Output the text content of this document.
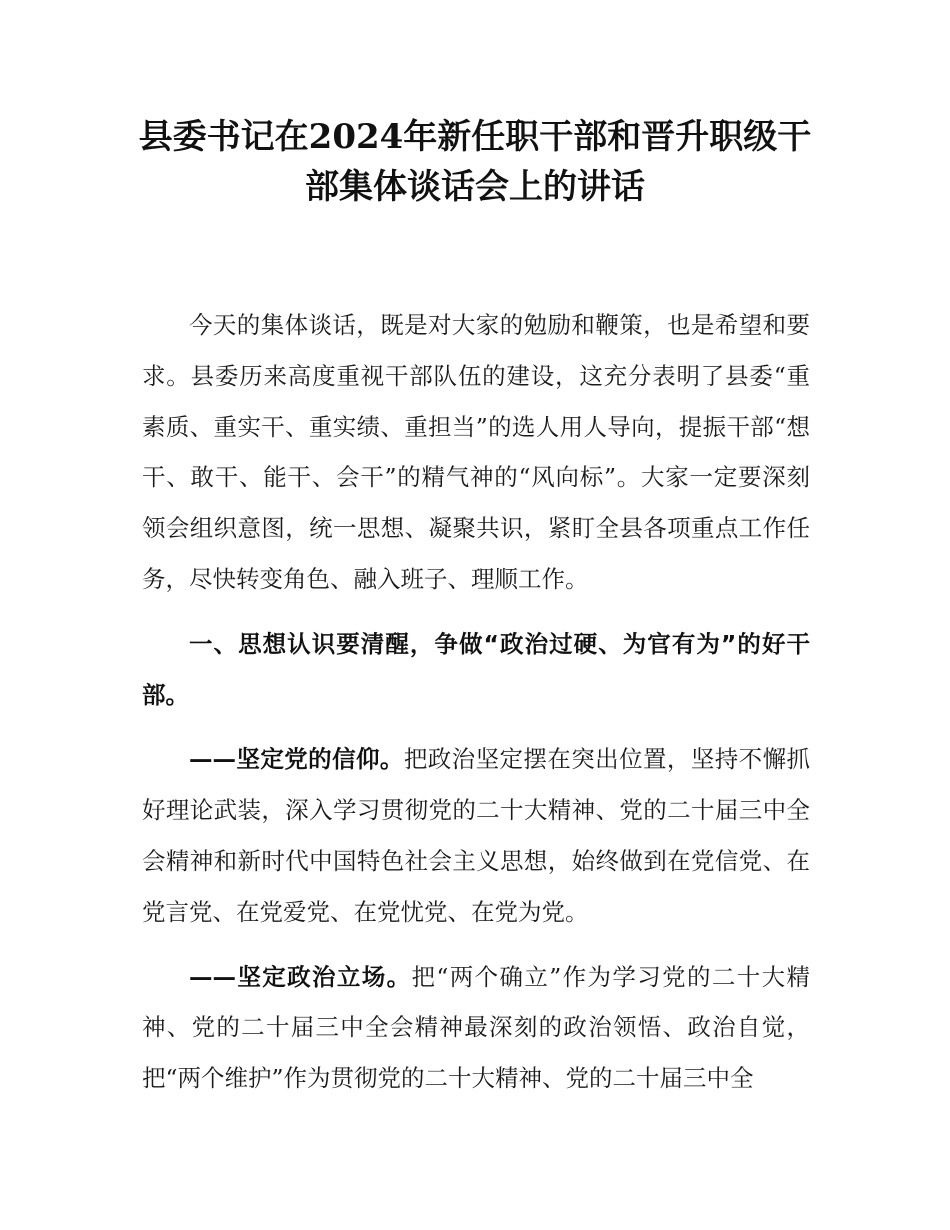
县委书记在2024年新任职干部和晋升职级干
部集体谈话会上的讲话

今天的集体谈话，既是对大家的勉励和鞭策，也是希望和要求。县委历来高度重视干部队伍的建设，这充分表明了县委“重素质、重实干、重实绩、重担当”的选人用人导向，提振干部“想干、敢干、能干、会干”的精气神的“风向标”。大家一定要深刻领会组织意图，统一思想、凝聚共识，紧盯全县各项重点工作任务，尽快转变角色、融入班子、理顺工作。

一、思想认识要清醒，争做“政治过硬、为官有为”的好干部。

——坚定党的信仰。把政治坚定摆在突出位置，坚持不懈抓好理论武装，深入学习贯彻党的二十大精神、党的二十届三中全会精神和新时代中国特色社会主义思想，始终做到在党信党、在党言党、在党爱党、在党忧党、在党为党。

——坚定政治立场。把“两个确立”作为学习党的二十大精神、党的二十届三中全会精神最深刻的政治领悟、政治自觉，把“两个维护”作为贯彻党的二十大精神、党的二十届三中全
